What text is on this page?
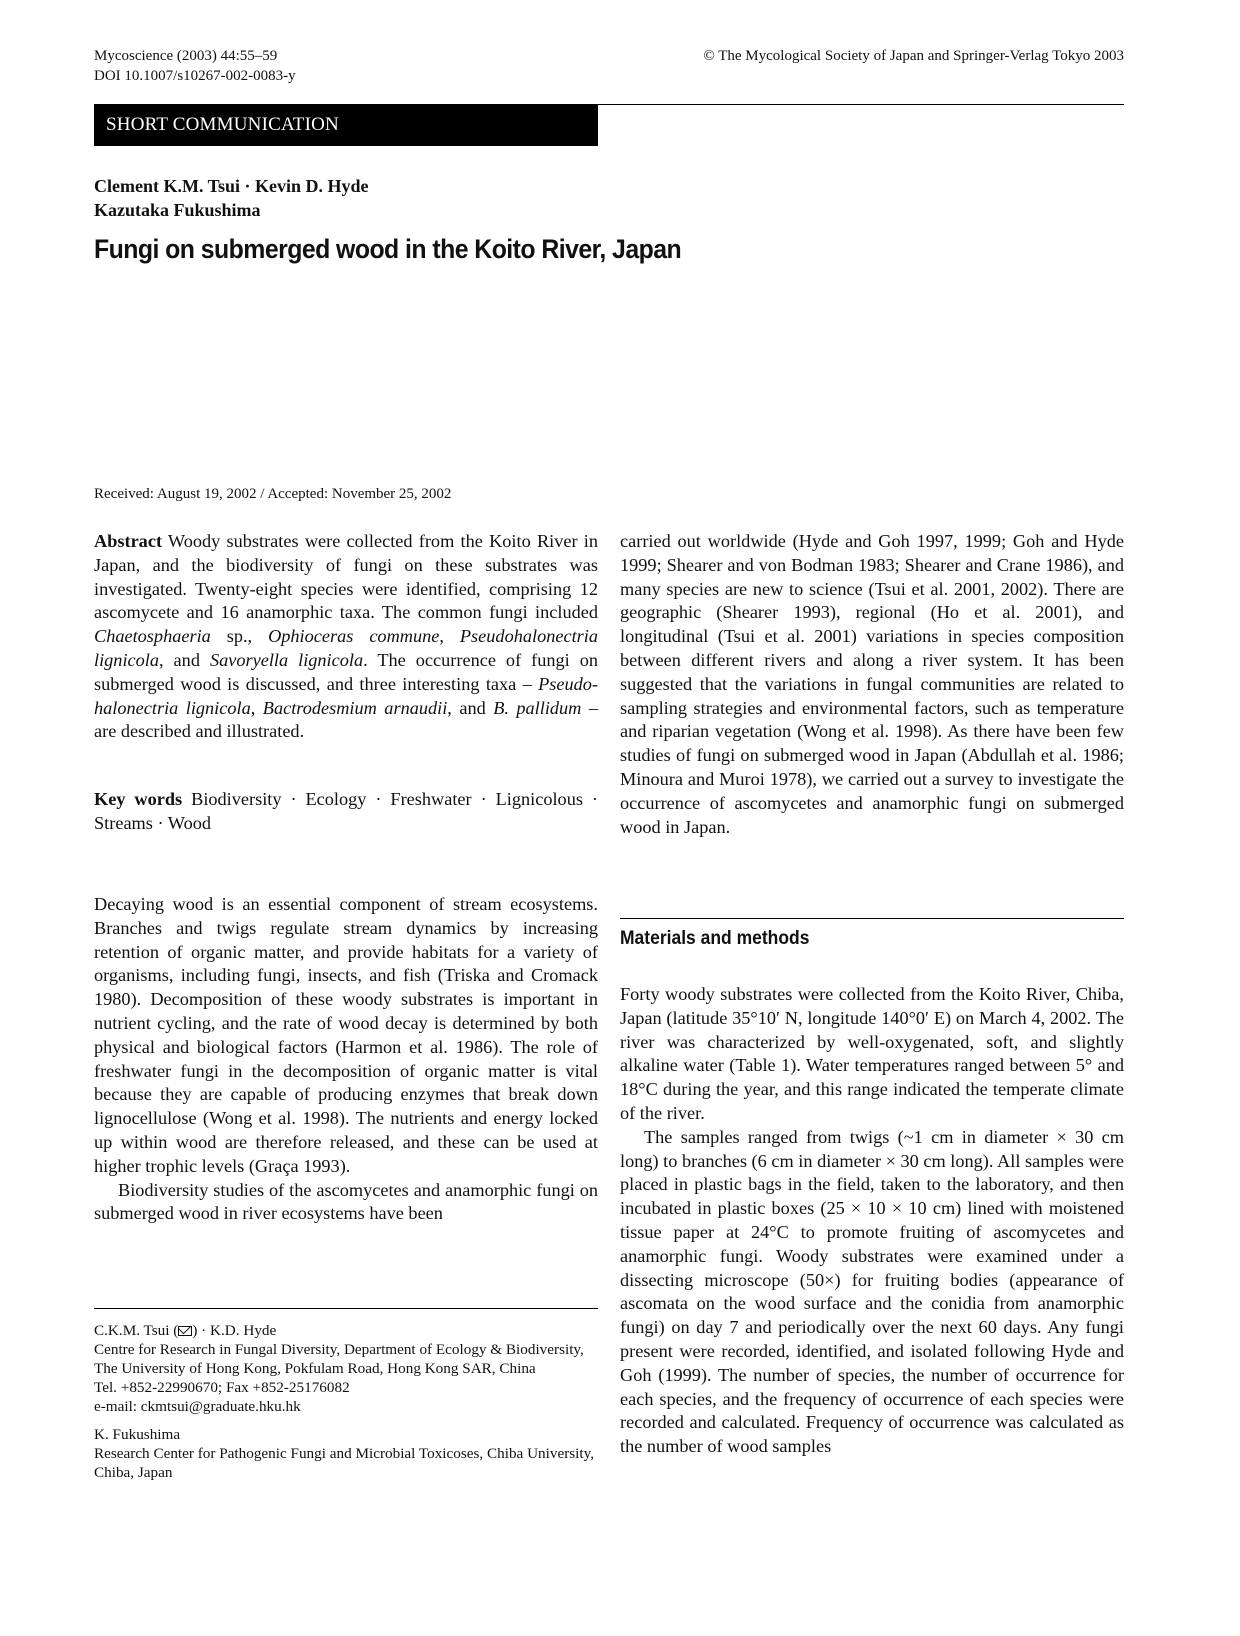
Mycoscience (2003) 44:55–59
DOI 10.1007/s10267-002-0083-y
© The Mycological Society of Japan and Springer-Verlag Tokyo 2003
SHORT COMMUNICATION
Clement K.M. Tsui · Kevin D. Hyde
Kazutaka Fukushima
Fungi on submerged wood in the Koito River, Japan
Received: August 19, 2002 / Accepted: November 25, 2002

Abstract Woody substrates were collected from the Koito River in Japan, and the biodiversity of fungi on these substrates was investigated. Twenty-eight species were identified, comprising 12 ascomycete and 16 anamorphic taxa. The common fungi included Chaetosphaeria sp., Ophioceras commune, Pseudohalonectria lignicola, and Savoryella lignicola. The occurrence of fungi on submerged wood is discussed, and three interesting taxa – Pseudo-halonectria lignicola, Bactrodesmium arnaudii, and B. pallidum – are described and illustrated.

Key words Biodiversity · Ecology · Freshwater · Lignicolous · Streams · Wood

Decaying wood is an essential component of stream ecosystems. Branches and twigs regulate stream dynamics by increasing retention of organic matter, and provide habitats for a variety of organisms, including fungi, insects, and fish (Triska and Cromack 1980). Decomposition of these woody substrates is important in nutrient cycling, and the rate of wood decay is determined by both physical and biological factors (Harmon et al. 1986). The role of freshwater fungi in the decomposition of organic matter is vital because they are capable of producing enzymes that break down lignocellulose (Wong et al. 1998). The nutrients and energy locked up within wood are therefore released, and these can be used at higher trophic levels (Graça 1993).

Biodiversity studies of the ascomycetes and anamorphic fungi on submerged wood in river ecosystems have been

C.K.M. Tsui ( ) · K.D. Hyde

Centre for Research in Fungal Diversity, Department of Ecology & Biodiversity, The University of Hong Kong, Pokfulam Road, Hong Kong SAR, China

Tel. +852-22990670; Fax +852-25176082

e-mail: ckmtsui@graduate.hku.hk

K. Fukushima

Research Center for Pathogenic Fungi and Microbial Toxicoses, Chiba University, Chiba, Japan

carried out worldwide (Hyde and Goh 1997, 1999; Goh and Hyde 1999; Shearer and von Bodman 1983; Shearer and Crane 1986), and many species are new to science (Tsui et al. 2001, 2002). There are geographic (Shearer 1993), regional (Ho et al. 2001), and longitudinal (Tsui et al. 2001) variations in species composition between different rivers and along a river system. It has been suggested that the variations in fungal communities are related to sampling strategies and environmental factors, such as temperature and riparian vegetation (Wong et al. 1998). As there have been few studies of fungi on submerged wood in Japan (Abdullah et al. 1986; Minoura and Muroi 1978), we carried out a survey to investigate the occurrence of ascomycetes and anamorphic fungi on submerged wood in Japan.

Materials and methods

Forty woody substrates were collected from the Koito River, Chiba, Japan (latitude 35°10′ N, longitude 140°0′ E) on March 4, 2002. The river was characterized by well-oxygenated, soft, and slightly alkaline water (Table 1). Water temperatures ranged between 5° and 18°C during the year, and this range indicated the temperate climate of the river.

The samples ranged from twigs (~1 cm in diameter × 30 cm long) to branches (6 cm in diameter × 30 cm long). All samples were placed in plastic bags in the field, taken to the laboratory, and then incubated in plastic boxes (25 × 10 × 10 cm) lined with moistened tissue paper at 24°C to promote fruiting of ascomycetes and anamorphic fungi. Woody substrates were examined under a dissecting microscope (50×) for fruiting bodies (appearance of ascomata on the wood surface and the conidia from anamorphic fungi) on day 7 and periodically over the next 60 days. Any fungi present were recorded, identified, and isolated following Hyde and Goh (1999). The number of species, the number of occurrence for each species, and the frequency of occurrence of each species were recorded and calculated. Frequency of occurrence was calculated as the number of wood samples
